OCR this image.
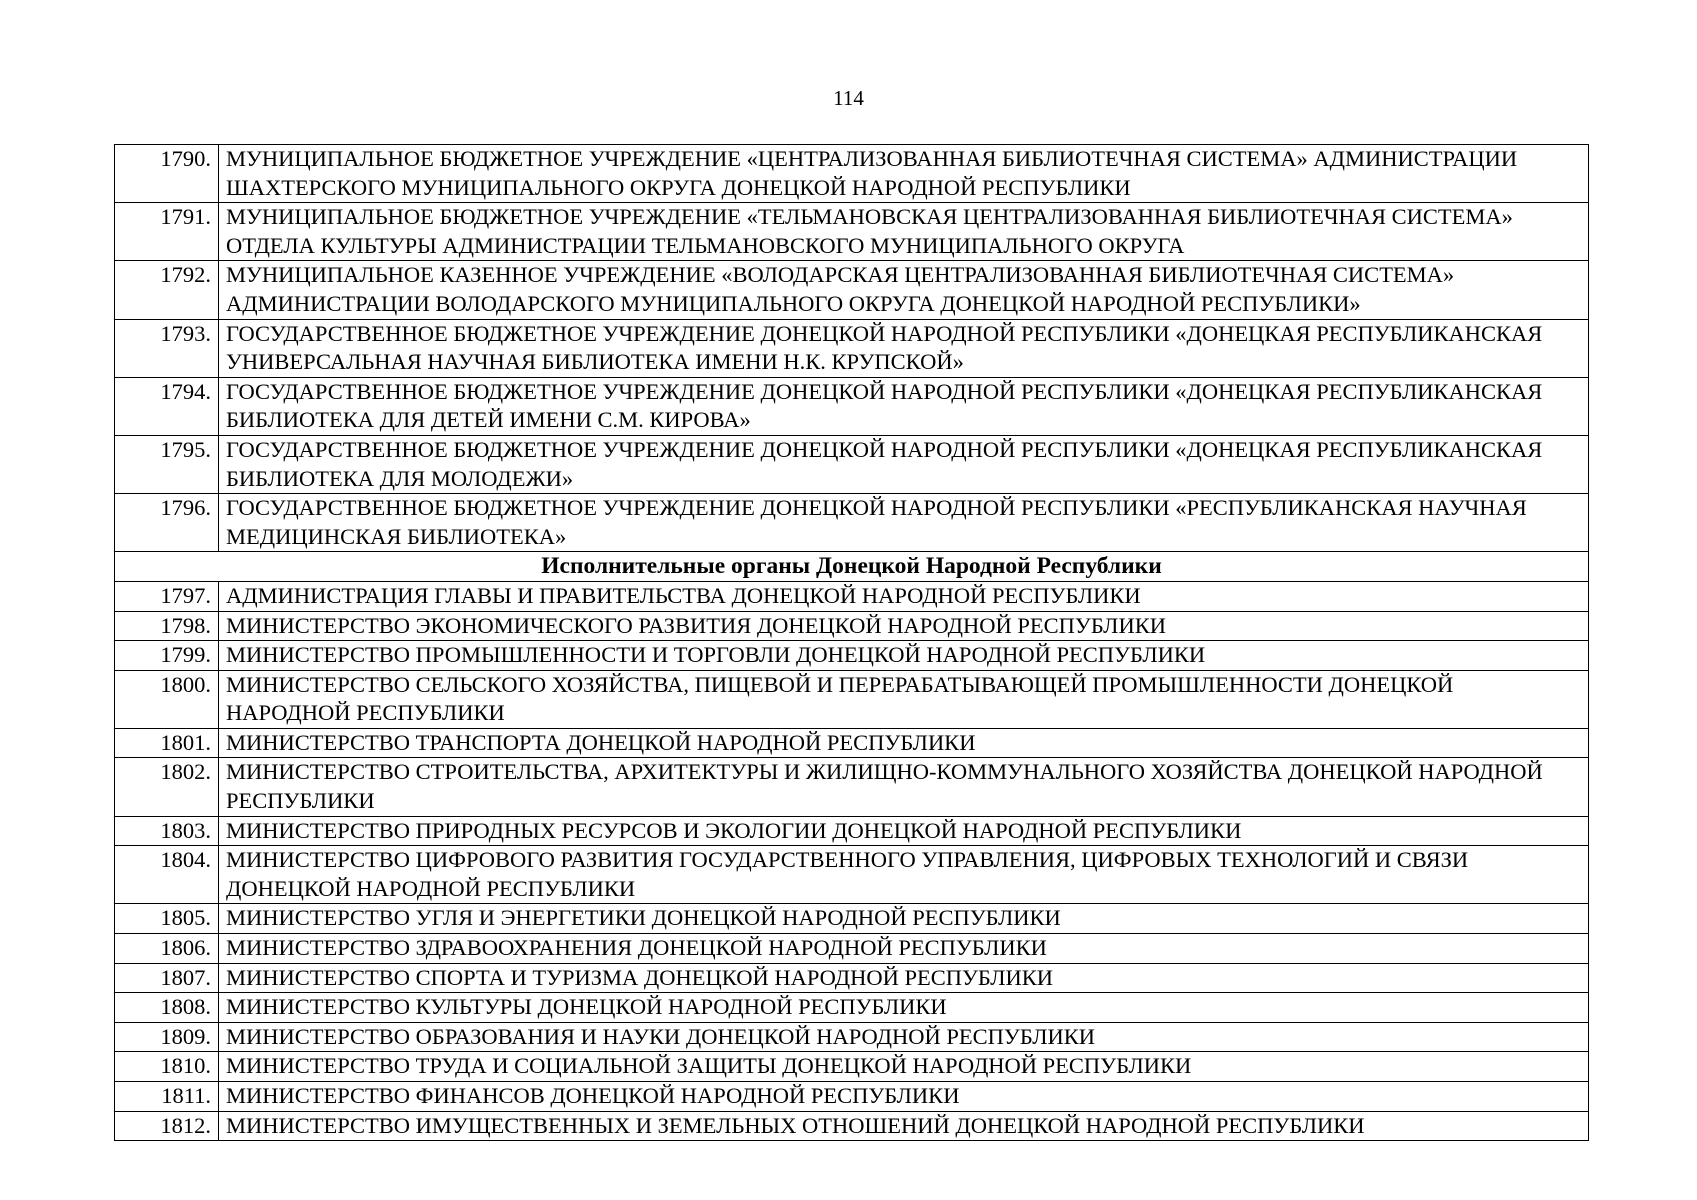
114
1790.	МУНИЦИПАЛЬНОЕ БЮДЖЕТНОЕ УЧРЕЖДЕНИЕ «ЦЕНТРАЛИЗОВАННАЯ БИБЛИОТЕЧНАЯ СИСТЕМА» АДМИНИСТРАЦИИ ШАХТЕРСКОГО МУНИЦИПАЛЬНОГО ОКРУГА ДОНЕЦКОЙ НАРОДНОЙ РЕСПУБЛИКИ
1791.	МУНИЦИПАЛЬНОЕ БЮДЖЕТНОЕ УЧРЕЖДЕНИЕ «ТЕЛЬМАНОВСКАЯ ЦЕНТРАЛИЗОВАННАЯ БИБЛИОТЕЧНАЯ СИСТЕМА» ОТДЕЛА КУЛЬТУРЫ АДМИНИСТРАЦИИ ТЕЛЬМАНОВСКОГО МУНИЦИПАЛЬНОГО ОКРУГА
1792.	МУНИЦИПАЛЬНОЕ КАЗЕННОЕ УЧРЕЖДЕНИЕ «ВОЛОДАРСКАЯ ЦЕНТРАЛИЗОВАННАЯ БИБЛИОТЕЧНАЯ СИСТЕМА» АДМИНИСТРАЦИИ ВОЛОДАРСКОГО МУНИЦИПАЛЬНОГО ОКРУГА ДОНЕЦКОЙ НАРОДНОЙ РЕСПУБЛИКИ»
1793.	ГОСУДАРСТВЕННОЕ БЮДЖЕТНОЕ УЧРЕЖДЕНИЕ ДОНЕЦКОЙ НАРОДНОЙ РЕСПУБЛИКИ «ДОНЕЦКАЯ РЕСПУБЛИКАНСКАЯ УНИВЕРСАЛЬНАЯ НАУЧНАЯ БИБЛИОТЕКА ИМЕНИ Н.К. КРУПСКОЙ»
1794.	ГОСУДАРСТВЕННОЕ БЮДЖЕТНОЕ УЧРЕЖДЕНИЕ ДОНЕЦКОЙ НАРОДНОЙ РЕСПУБЛИКИ «ДОНЕЦКАЯ РЕСПУБЛИКАНСКАЯ БИБЛИОТЕКА ДЛЯ ДЕТЕЙ ИМЕНИ С.М. КИРОВА»
1795.	ГОСУДАРСТВЕННОЕ БЮДЖЕТНОЕ УЧРЕЖДЕНИЕ ДОНЕЦКОЙ НАРОДНОЙ РЕСПУБЛИКИ «ДОНЕЦКАЯ РЕСПУБЛИКАНСКАЯ БИБЛИОТЕКА ДЛЯ МОЛОДЕЖИ»
1796.	ГОСУДАРСТВЕННОЕ БЮДЖЕТНОЕ УЧРЕЖДЕНИЕ ДОНЕЦКОЙ НАРОДНОЙ РЕСПУБЛИКИ «РЕСПУБЛИКАНСКАЯ НАУЧНАЯ МЕДИЦИНСКАЯ БИБЛИОТЕКА»
Исполнительные органы Донецкой Народной Республики	
1797.	АДМИНИСТРАЦИЯ ГЛАВЫ И ПРАВИТЕЛЬСТВА ДОНЕЦКОЙ НАРОДНОЙ РЕСПУБЛИКИ
1798.	МИНИСТЕРСТВО ЭКОНОМИЧЕСКОГО РАЗВИТИЯ ДОНЕЦКОЙ НАРОДНОЙ РЕСПУБЛИКИ
1799.	МИНИСТЕРСТВО ПРОМЫШЛЕННОСТИ И ТОРГОВЛИ ДОНЕЦКОЙ НАРОДНОЙ РЕСПУБЛИКИ
1800.	МИНИСТЕРСТВО СЕЛЬСКОГО ХОЗЯЙСТВА, ПИЩЕВОЙ И ПЕРЕРАБАТЫВАЮЩЕЙ ПРОМЫШЛЕННОСТИ ДОНЕЦКОЙ НАРОДНОЙ РЕСПУБЛИКИ
1801.	МИНИСТЕРСТВО ТРАНСПОРТА ДОНЕЦКОЙ НАРОДНОЙ РЕСПУБЛИКИ
1802.	МИНИСТЕРСТВО СТРОИТЕЛЬСТВА, АРХИТЕКТУРЫ И ЖИЛИЩНО-КОММУНАЛЬНОГО ХОЗЯЙСТВА ДОНЕЦКОЙ НАРОДНОЙ РЕСПУБЛИКИ
1803.	МИНИСТЕРСТВО ПРИРОДНЫХ РЕСУРСОВ И ЭКОЛОГИИ ДОНЕЦКОЙ НАРОДНОЙ РЕСПУБЛИКИ
1804.	МИНИСТЕРСТВО ЦИФРОВОГО РАЗВИТИЯ ГОСУДАРСТВЕННОГО УПРАВЛЕНИЯ, ЦИФРОВЫХ ТЕХНОЛОГИЙ И СВЯЗИ ДОНЕЦКОЙ НАРОДНОЙ РЕСПУБЛИКИ
1805.	МИНИСТЕРСТВО УГЛЯ И ЭНЕРГЕТИКИ ДОНЕЦКОЙ НАРОДНОЙ РЕСПУБЛИКИ
1806.	МИНИСТЕРСТВО ЗДРАВООХРАНЕНИЯ ДОНЕЦКОЙ НАРОДНОЙ РЕСПУБЛИКИ
1807.	МИНИСТЕРСТВО СПОРТА И ТУРИЗМА ДОНЕЦКОЙ НАРОДНОЙ РЕСПУБЛИКИ
1808.	МИНИСТЕРСТВО КУЛЬТУРЫ ДОНЕЦКОЙ НАРОДНОЙ РЕСПУБЛИКИ
1809.	МИНИСТЕРСТВО ОБРАЗОВАНИЯ И НАУКИ ДОНЕЦКОЙ НАРОДНОЙ РЕСПУБЛИКИ
1810.	МИНИСТЕРСТВО ТРУДА И СОЦИАЛЬНОЙ ЗАЩИТЫ ДОНЕЦКОЙ НАРОДНОЙ РЕСПУБЛИКИ
1811.	МИНИСТЕРСТВО ФИНАНСОВ ДОНЕЦКОЙ НАРОДНОЙ РЕСПУБЛИКИ
1812.	МИНИСТЕРСТВО ИМУЩЕСТВЕННЫХ И ЗЕМЕЛЬНЫХ ОТНОШЕНИЙ ДОНЕЦКОЙ НАРОДНОЙ РЕСПУБЛИКИ
